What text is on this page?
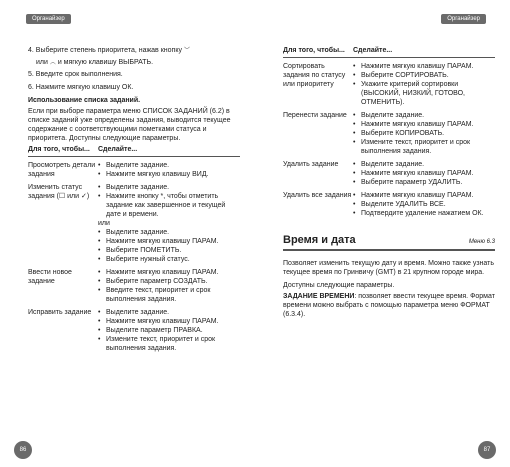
Органайзер
4. Выберите степень приоритета, нажав кнопку ︶
или ︵ и мягкую клавишу ВЫБРАТЬ.
5. Введите срок выполнения.
6. Нажмите мягкую клавишу ОК.
Использование списка заданий.
Если при выборе параметра меню СПИСОК ЗАДАНИЙ (6.2) в списке заданий уже определены задания, выводится текущее содержание с соответствующими пометками статуса и приоритета. Доступны следующие параметры.
Для того, чтобы...	Сделайте...
Просмотреть детали задания
• Выделите задание.
• Нажмите мягкую клавишу ВИД.
Изменить статус задания (☐ или ✓)
• Выделите задание.
• Нажмите кнопку *, чтобы отметить задание как завершенное и текущей дате и времени.
или
• Выделите задание.
• Нажмите мягкую клавишу ПАРАМ.
• Выберите ПОМЕТИТЬ.
• Выберите нужный статус.
Ввести новое задание
• Нажмите мягкую клавишу ПАРАМ.
• Выберите параметр СОЗДАТЬ.
• Введите текст, приоритет и срок выполнения задания.
Исправить задание • Выделите задание.
• Нажмите мягкую клавишу ПАРАМ.
• Выделите параметр ПРАВКА.
• Измените текст, приоритет и срок выполнения задания.
86
Органайзер
Для того, чтобы...	Сделайте...
Сортировать задания по статусу или приоритету
• Нажмите мягкую клавишу ПАРАМ.
• Выберите СОРТИРОВАТЬ.
• Укажите критерий сортировки (ВЫСОКИЙ, НИЗКИЙ, ГОТОВО, ОТМЕНИТЬ).
Перенести задание • Выделите задание.
• Нажмите мягкую клавишу ПАРАМ.
• Выберите КОПИРОВАТЬ.
• Измените текст, приоритет и срок выполнения задания.
Удалить задание	• Выделите задание.
• Нажмите мягкую клавишу ПАРАМ.
• Выберите параметр УДАЛИТЬ.
Удалить все задания • Нажмите мягкую клавишу ПАРАМ.
• Выделите УДАЛИТЬ ВСЕ.
• Подтвердите удаление нажатием ОК.
Время и дата	Меню 6.3
Позволяет изменить текущую дату и время. Можно также узнать текущее время по Гринвичу (GMT) в 21 крупном городе мира.
Доступны следующие параметры.
ЗАДАНИЕ ВРЕМЕНИ: позволяет ввести текущее время. Формат времени можно выбрать с помощью параметра меню ФОРМАТ (6.3.4).
87
